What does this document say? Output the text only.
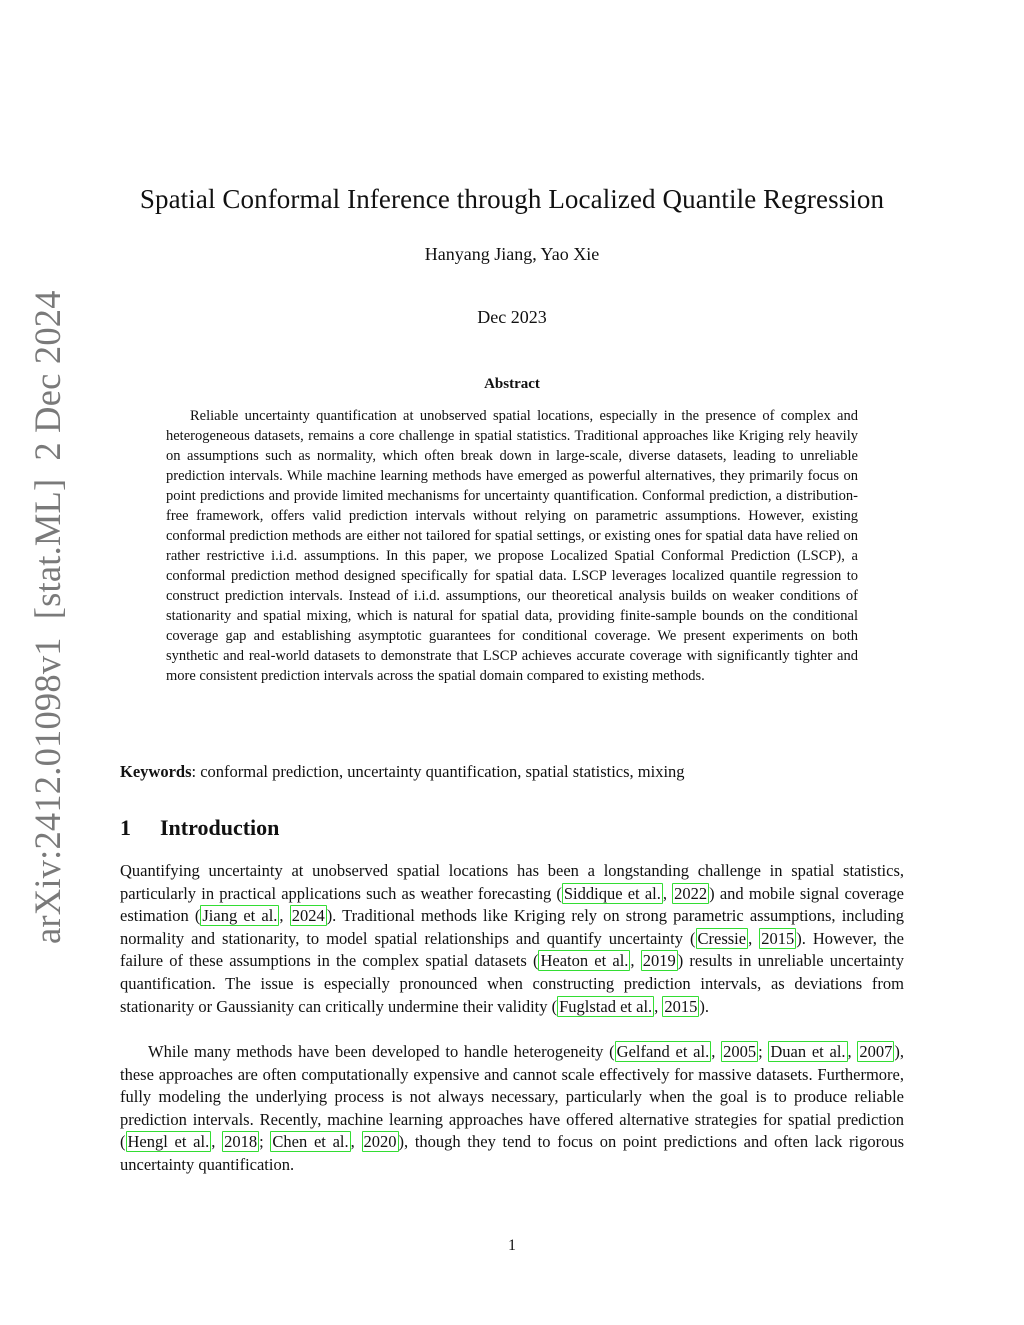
arXiv:2412.01098v1[stat.ML]2 Dec 2024
Spatial Conformal Inference through Localized Quantile Regression
Hanyang Jiang, Yao Xie
Dec 2023
Abstract
Reliable uncertainty quantification at unobserved spatial locations, especially in the presence of complex and heterogeneous datasets, remains a core challenge in spatial statistics. Traditional approaches like Kriging rely heavily on assumptions such as normality, which often break down in large-scale, diverse datasets, leading to unreliable prediction intervals. While machine learning methods have emerged as powerful alternatives, they primarily focus on point predictions and provide limited mechanisms for uncertainty quantification. Conformal prediction, a distribution-free framework, offers valid prediction intervals without relying on parametric assumptions. However, existing conformal prediction methods are either not tailored for spatial settings, or existing ones for spatial data have relied on rather restrictive i.i.d. assumptions. In this paper, we propose Localized Spatial Conformal Prediction (LSCP), a conformal prediction method designed specifically for spatial data. LSCP leverages localized quantile regression to construct prediction intervals. Instead of i.i.d. assumptions, our theoretical analysis builds on weaker conditions of stationarity and spatial mixing, which is natural for spatial data, providing finite-sample bounds on the conditional coverage gap and establishing asymptotic guarantees for conditional coverage. We present experiments on both synthetic and real-world datasets to demonstrate that LSCP achieves accurate coverage with significantly tighter and more consistent prediction intervals across the spatial domain compared to existing methods.
Keywords: conformal prediction, uncertainty quantification, spatial statistics, mixing
1 Introduction
Quantifying uncertainty at unobserved spatial locations has been a longstanding challenge in spatial statistics, particularly in practical applications such as weather forecasting ( Siddique et al. , 2022 ) and mobile signal coverage estimation ( Jiang et al. , 2024 ). Traditional methods like Kriging rely on strong parametric assumptions, including normality and stationarity, to model spatial relationships and quantify uncertainty ( Cressie , 2015 ). However, the failure of these assumptions in the complex spatial datasets ( Heaton et al. , 2019 ) results in unreliable uncertainty quantification. The issue is especially pronounced when constructing prediction intervals, as deviations from stationarity or Gaussianity can critically undermine their validity ( Fuglstad et al. , 2015 ).
While many methods have been developed to handle heterogeneity ( Gelfand et al. , 2005 ; Duan et al. , 2007 ), these approaches are often computationally expensive and cannot scale effectively for massive datasets. Furthermore, fully modeling the underlying process is not always necessary, particularly when the goal is to produce reliable prediction intervals. Recently, machine learning approaches have offered alternative strategies for spatial prediction ( Hengl et al. , 2018 ; Chen et al. , 2020 ), though they tend to focus on point predictions and often lack rigorous uncertainty quantification.
1
